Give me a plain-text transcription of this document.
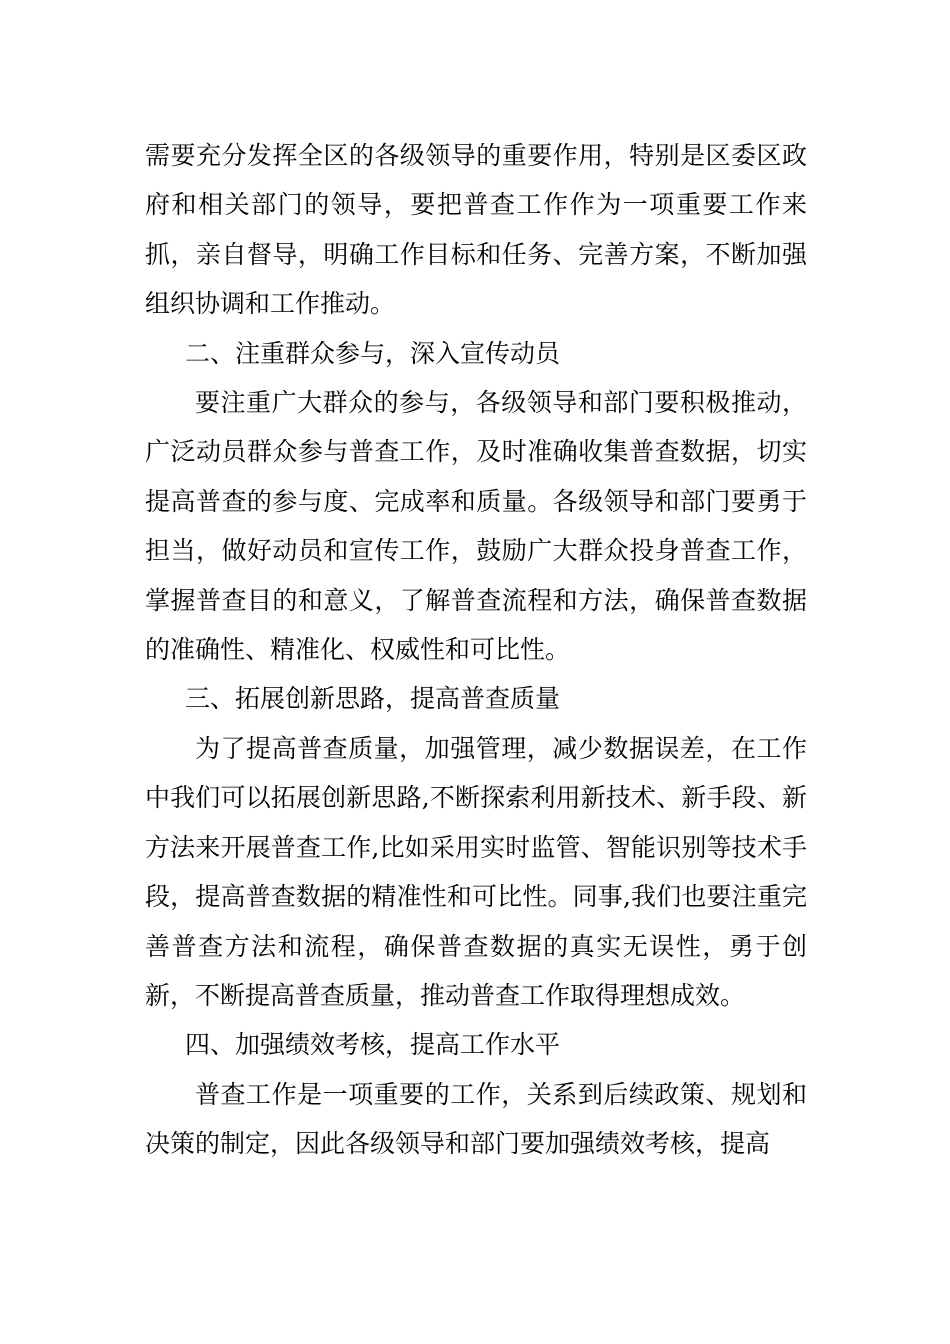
需要充分发挥全区的各级领导的重要作用，特别是区委区政府和相关部门的领导，要把普查工作作为一项重要工作来抓，亲自督导，明确工作目标和任务、完善方案，不断加强组织协调和工作推动。

二、注重群众参与，深入宣传动员

要注重广大群众的参与，各级领导和部门要积极推动，广泛动员群众参与普查工作，及时准确收集普查数据，切实提高普查的参与度、完成率和质量。各级领导和部门要勇于担当，做好动员和宣传工作，鼓励广大群众投身普查工作，掌握普查目的和意义，了解普查流程和方法，确保普查数据的准确性、精准化、权威性和可比性。

三、拓展创新思路，提高普查质量

为了提高普查质量，加强管理，减少数据误差，在工作中我们可以拓展创新思路,不断探索利用新技术、新手段、新方法来开展普查工作,比如采用实时监管、智能识别等技术手段，提高普查数据的精准性和可比性。同事,我们也要注重完善普查方法和流程，确保普查数据的真实无误性，勇于创新，不断提高普查质量，推动普查工作取得理想成效。

四、加强绩效考核，提高工作水平

普查工作是一项重要的工作，关系到后续政策、规划和决策的制定，因此各级领导和部门要加强绩效考核，提高
